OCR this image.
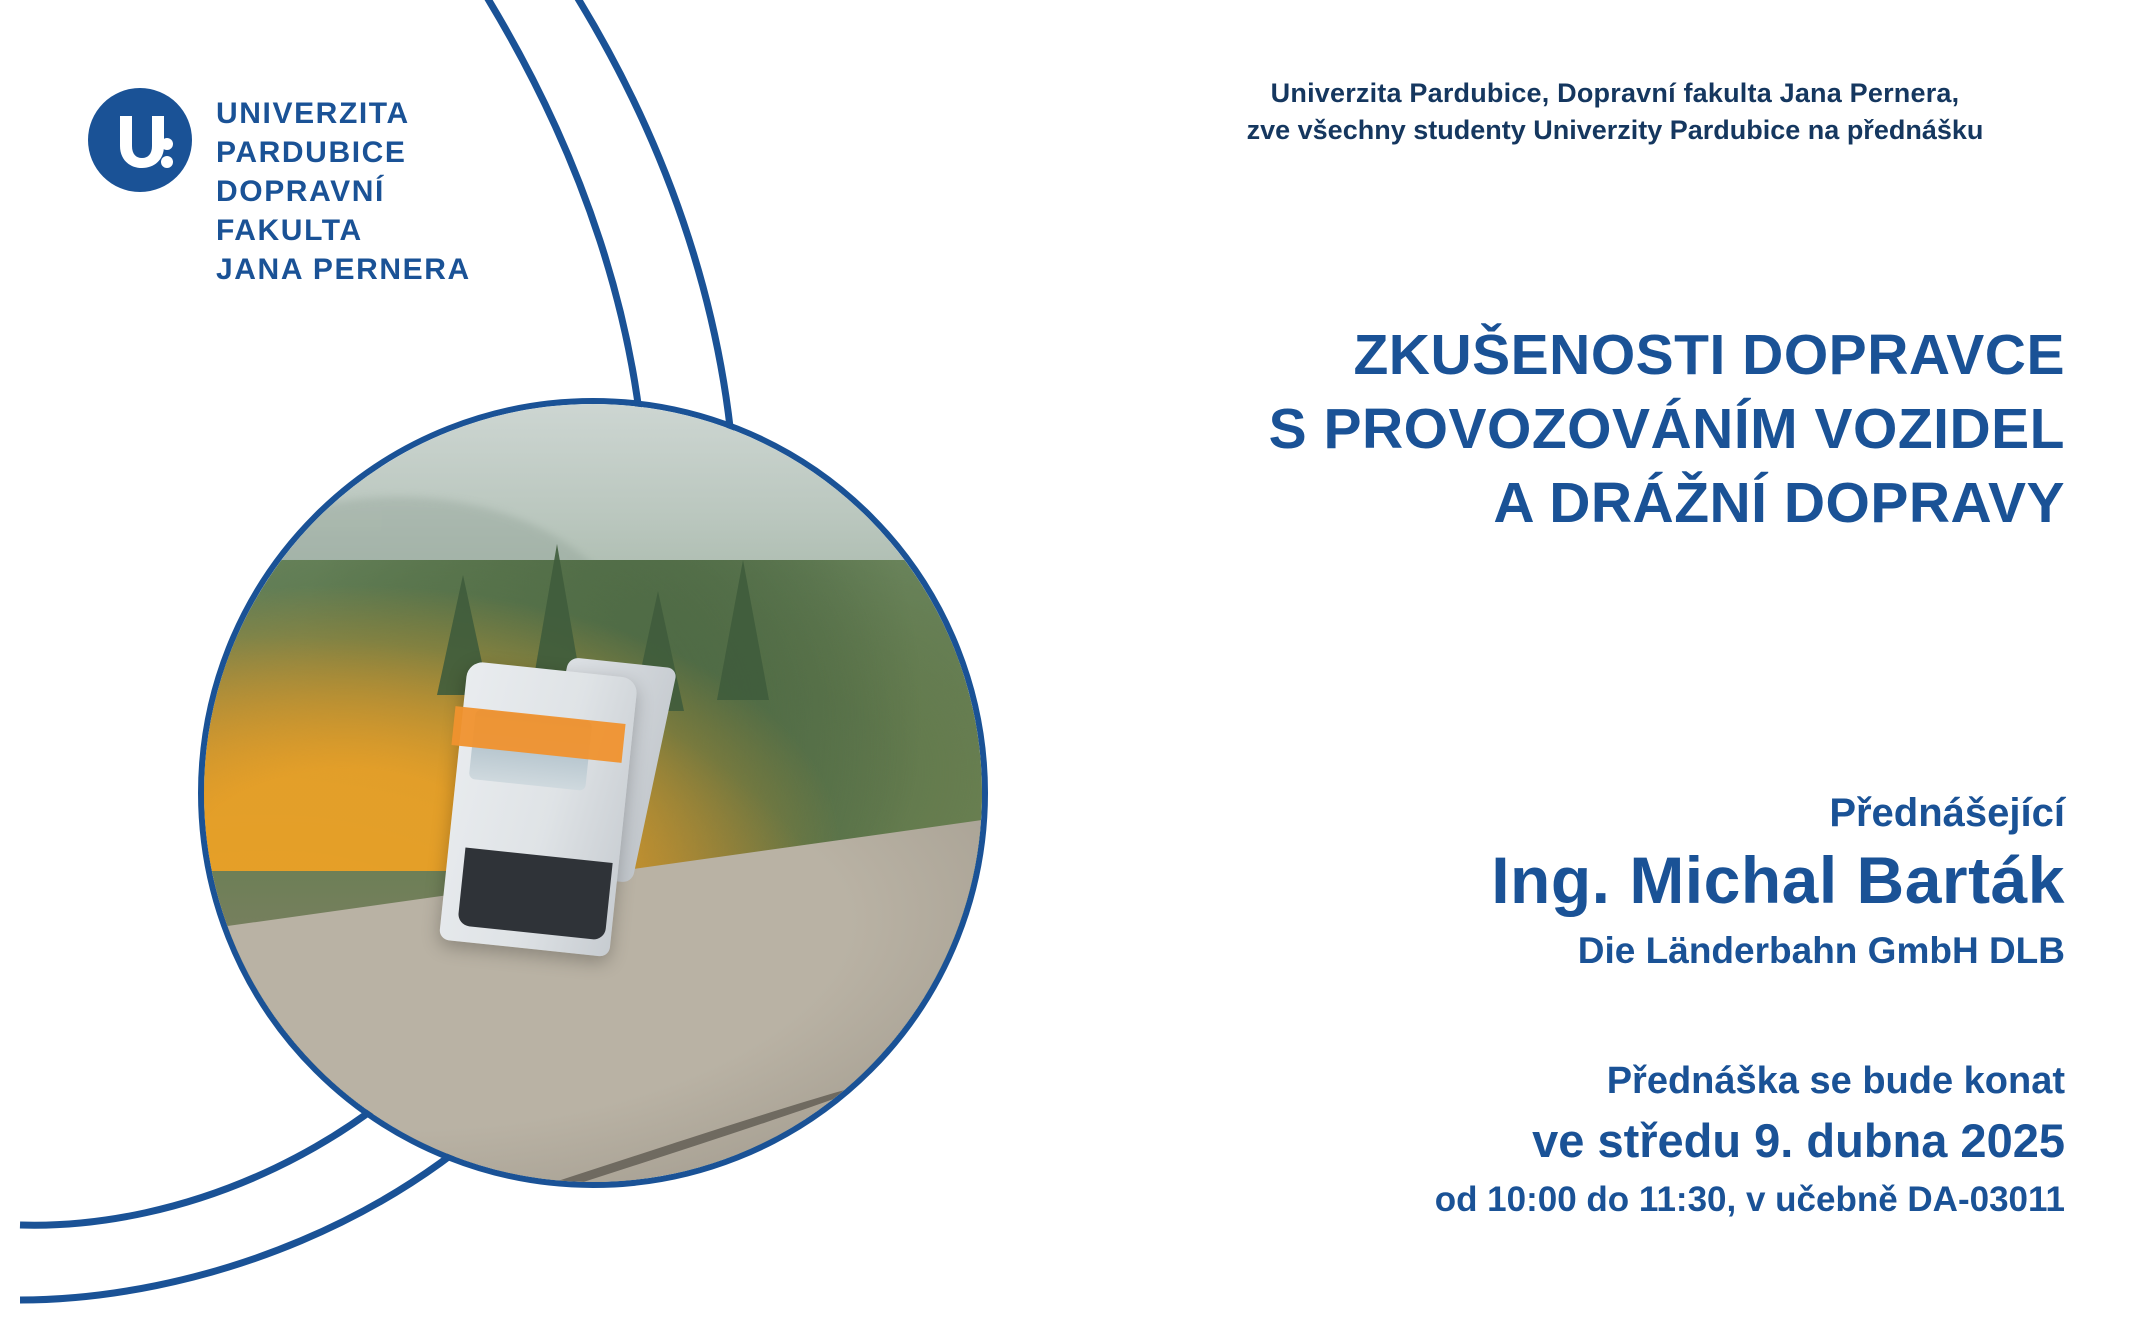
UNIVERZITA
PARDUBICE
DOPRAVNÍ
FAKULTA
JANA PERNERA
Univerzita Pardubice, Dopravní fakulta Jana Pernera,
zve všechny studenty Univerzity Pardubice na přednášku
ZKUŠENOSTI DOPRAVCE
S PROVOZOVÁNÍM VOZIDEL
A DRÁŽNÍ DOPRAVY
Přednášející
Ing. Michal Barták
Die Länderbahn GmbH DLB
Přednáška se bude konat
ve středu 9. dubna 2025
od 10:00 do 11:30, v učebně DA-03011
